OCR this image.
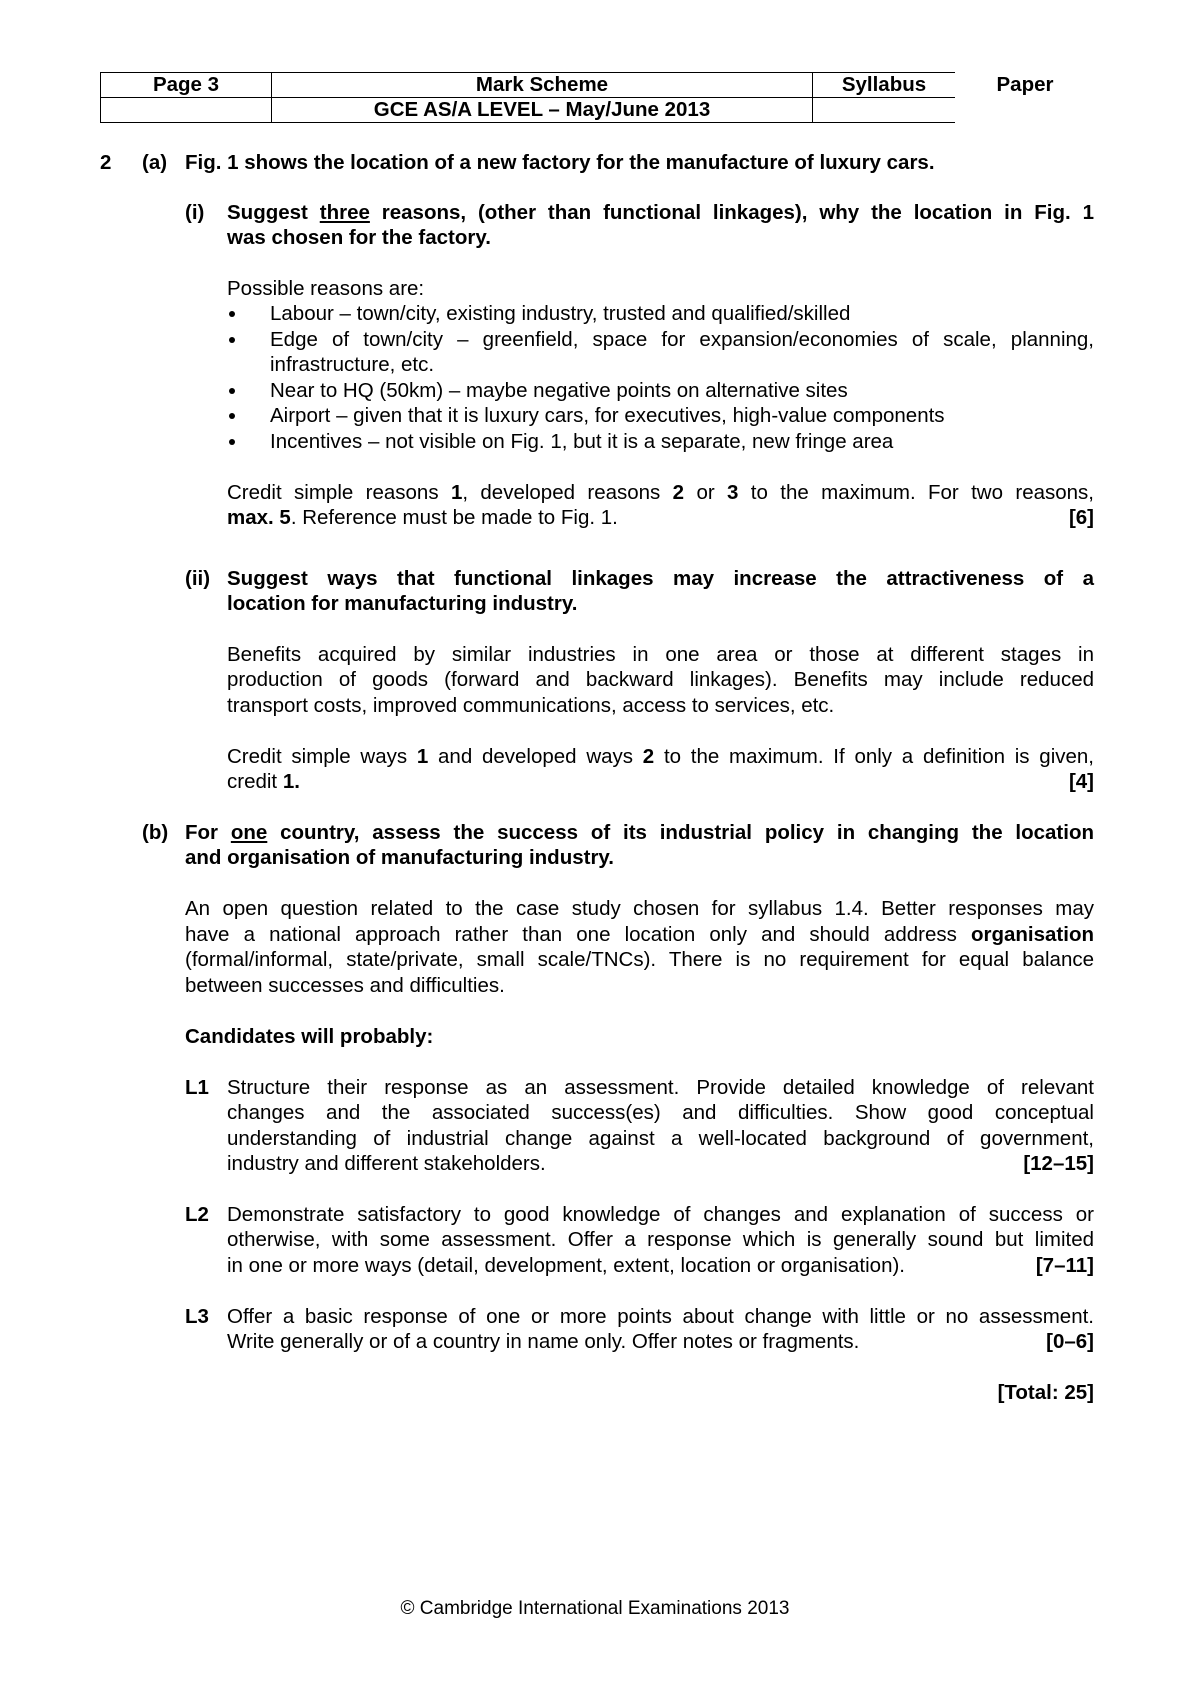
Page 3	Mark Scheme	Syllabus	Paper
	GCE AS/A LEVEL – May/June 2013		
2 (a) Fig. 1 shows the location of a new factory for the manufacture of luxury cars.
(i) Suggest three reasons, (other than functional linkages), why the location in Fig. 1
was chosen for the factory.
Possible reasons are:
Labour – town/city, existing industry, trusted and qualified/skilled
Edge of town/city – greenfield, space for expansion/economies of scale, planning,
infrastructure, etc.
Near to HQ (50km) – maybe negative points on alternative sites
Airport – given that it is luxury cars, for executives, high-value components
Incentives – not visible on Fig. 1, but it is a separate, new fringe area
Credit simple reasons 1, developed reasons 2 or 3 to the maximum. For two reasons,
max. 5. Reference must be made to Fig. 1.	[6]
(ii) Suggest ways that functional linkages may increase the attractiveness of a
location for manufacturing industry.
Benefits acquired by similar industries in one area or those at different stages in
production of goods (forward and backward linkages). Benefits may include reduced
transport costs, improved communications, access to services, etc.
Credit simple ways 1 and developed ways 2 to the maximum. If only a definition is given,
credit 1.	[4]
(b) For one country, assess the success of its industrial policy in changing the location
and organisation of manufacturing industry.
An open question related to the case study chosen for syllabus 1.4. Better responses may
have a national approach rather than one location only and should address organisation
(formal/informal, state/private, small scale/TNCs). There is no requirement for equal balance
between successes and difficulties.
Candidates will probably:
L1 Structure their response as an assessment. Provide detailed knowledge of relevant
changes and the associated success(es) and difficulties. Show good conceptual
understanding of industrial change against a well-located background of government,
industry and different stakeholders.	[12–15]
L2 Demonstrate satisfactory to good knowledge of changes and explanation of success or
otherwise, with some assessment. Offer a response which is generally sound but limited
in one or more ways (detail, development, extent, location or organisation).	[7–11]
L3 Offer a basic response of one or more points about change with little or no assessment.
Write generally or of a country in name only. Offer notes or fragments.	[0–6]
[Total: 25]
© Cambridge International Examinations 2013
